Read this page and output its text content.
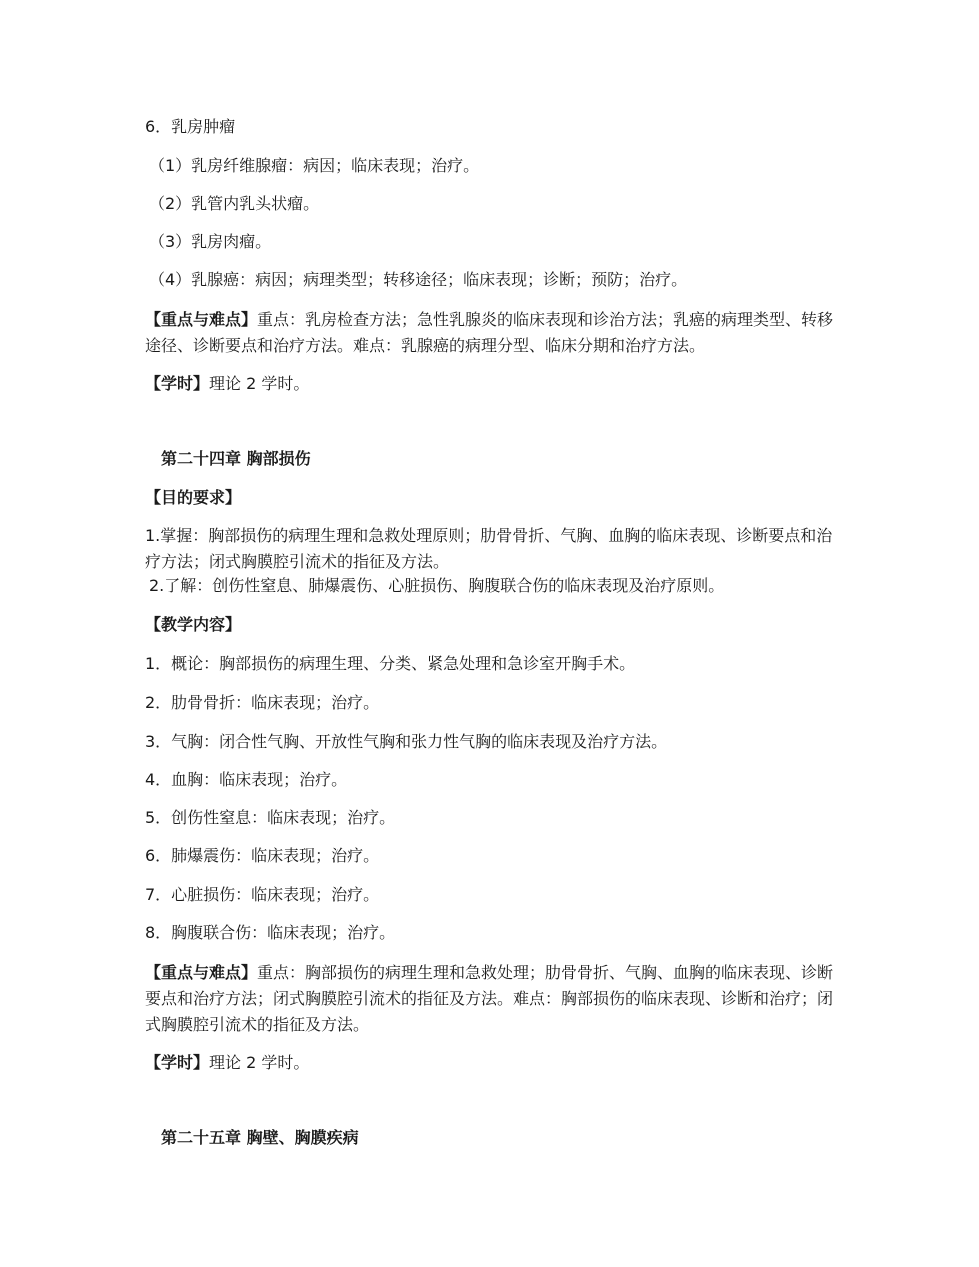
6．乳房肿瘤
（1）乳房纤维腺瘤：病因；临床表现；治疗。
（2）乳管内乳头状瘤。
（3）乳房肉瘤。
（4）乳腺癌：病因；病理类型；转移途径；临床表现；诊断；预防；治疗。
【重点与难点】重点：乳房检查方法；急性乳腺炎的临床表现和诊治方法；乳癌的病理类型、转移途径、诊断要点和治疗方法。难点：乳腺癌的病理分型、临床分期和治疗方法。
【学时】理论 2 学时。
第二十四章 胸部损伤
【目的要求】
1.掌握：胸部损伤的病理生理和急救处理原则；肋骨骨折、气胸、血胸的临床表现、诊断要点和治疗方法；闭式胸膜腔引流术的指征及方法。
2.了解：创伤性窒息、肺爆震伤、心脏损伤、胸腹联合伤的临床表现及治疗原则。
【教学内容】
1．概论：胸部损伤的病理生理、分类、紧急处理和急诊室开胸手术。
2．肋骨骨折：临床表现；治疗。
3．气胸：闭合性气胸、开放性气胸和张力性气胸的临床表现及治疗方法。
4．血胸：临床表现；治疗。
5．创伤性窒息：临床表现；治疗。
6．肺爆震伤：临床表现；治疗。
7．心脏损伤：临床表现；治疗。
8．胸腹联合伤：临床表现；治疗。
【重点与难点】重点：胸部损伤的病理生理和急救处理；肋骨骨折、气胸、血胸的临床表现、诊断要点和治疗方法；闭式胸膜腔引流术的指征及方法。难点：胸部损伤的临床表现、诊断和治疗；闭式胸膜腔引流术的指征及方法。
【学时】理论 2 学时。
第二十五章 胸壁、胸膜疾病
